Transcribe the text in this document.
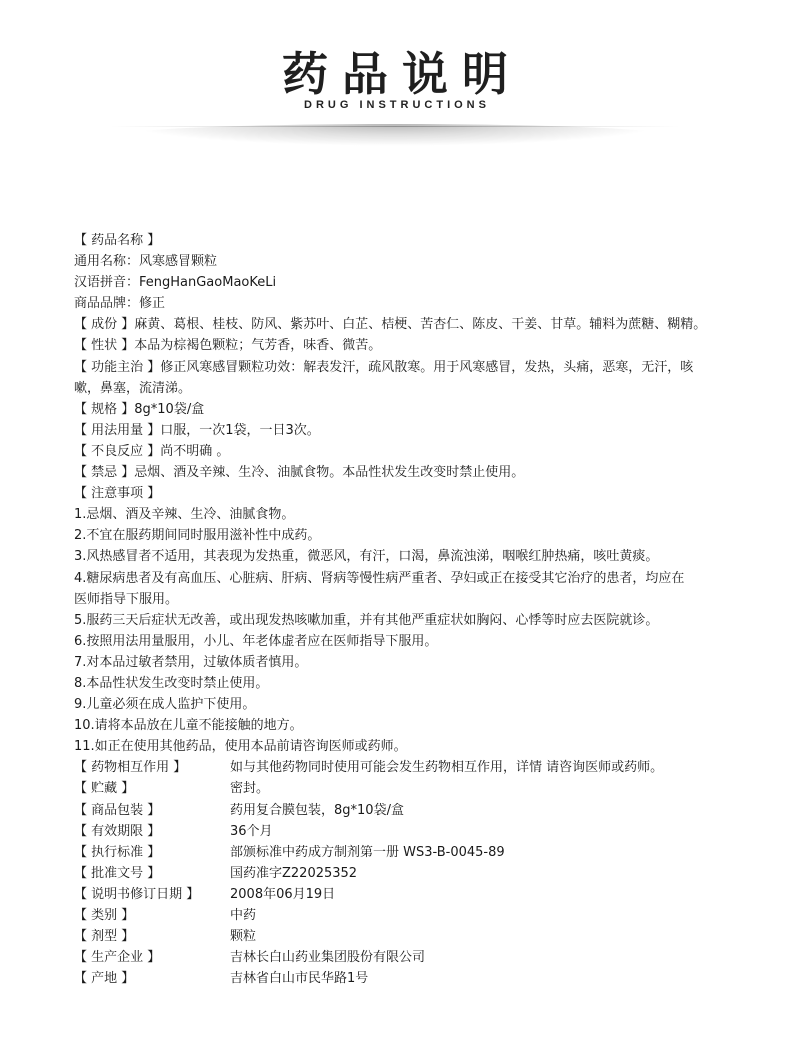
药品说明
DRUG INSTRUCTIONS
【 药品名称 】
通用名称：风寒感冒颗粒
汉语拼音：FengHanGaoMaoKeLi
商品品牌：修正
【 成份 】麻黄、葛根、桂枝、防风、紫苏叶、白芷、桔梗、苦杏仁、陈皮、干姜、甘草。辅料为蔗糖、糊精。
【 性状 】本品为棕褐色颗粒；气芳香，味香、微苦。
【 功能主治 】修正风寒感冒颗粒功效：解表发汗，疏风散寒。用于风寒感冒，发热，头痛，恶寒，无汗，咳
嗽，鼻塞，流清涕。
【 规格 】8g*10袋/盒
【 用法用量 】口服，一次1袋，一日3次。
【 不良反应 】尚不明确 。
【 禁忌 】忌烟、酒及辛辣、生冷、油腻食物。本品性状发生改变时禁止使用。
【 注意事项 】
1.忌烟、酒及辛辣、生冷、油腻食物。
2.不宜在服药期间同时服用滋补性中成药。
3.风热感冒者不适用，其表现为发热重，微恶风，有汗，口渴，鼻流浊涕，咽喉红肿热痛，咳吐黄痰。
4.糖尿病患者及有高血压、心脏病、肝病、肾病等慢性病严重者、孕妇或正在接受其它治疗的患者，均应在
医师指导下服用。
5.服药三天后症状无改善，或出现发热咳嗽加重，并有其他严重症状如胸闷、心悸等时应去医院就诊。
6.按照用法用量服用，小儿、年老体虚者应在医师指导下服用。
7.对本品过敏者禁用，过敏体质者慎用。
8.本品性状发生改变时禁止使用。
9.儿童必须在成人监护下使用。
10.请将本品放在儿童不能接触的地方。
11.如正在使用其他药品，使用本品前请咨询医师或药师。
【 药物相互作用 】	如与其他药物同时使用可能会发生药物相互作用，详情 请咨询医师或药师。
【 贮藏 】	密封。
【 商品包装 】	药用复合膜包装，8g*10袋/盒
【 有效期限 】	36个月
【 执行标准 】	部颁标准中药成方制剂第一册 WS3-B-0045-89
【 批准文号 】	国药准字Z22025352
【 说明书修订日期 】	2008年06月19日
【 类别 】	中药
【 剂型 】	颗粒
【 生产企业 】	吉林长白山药业集团股份有限公司
【 产地 】	吉林省白山市民华路1号
